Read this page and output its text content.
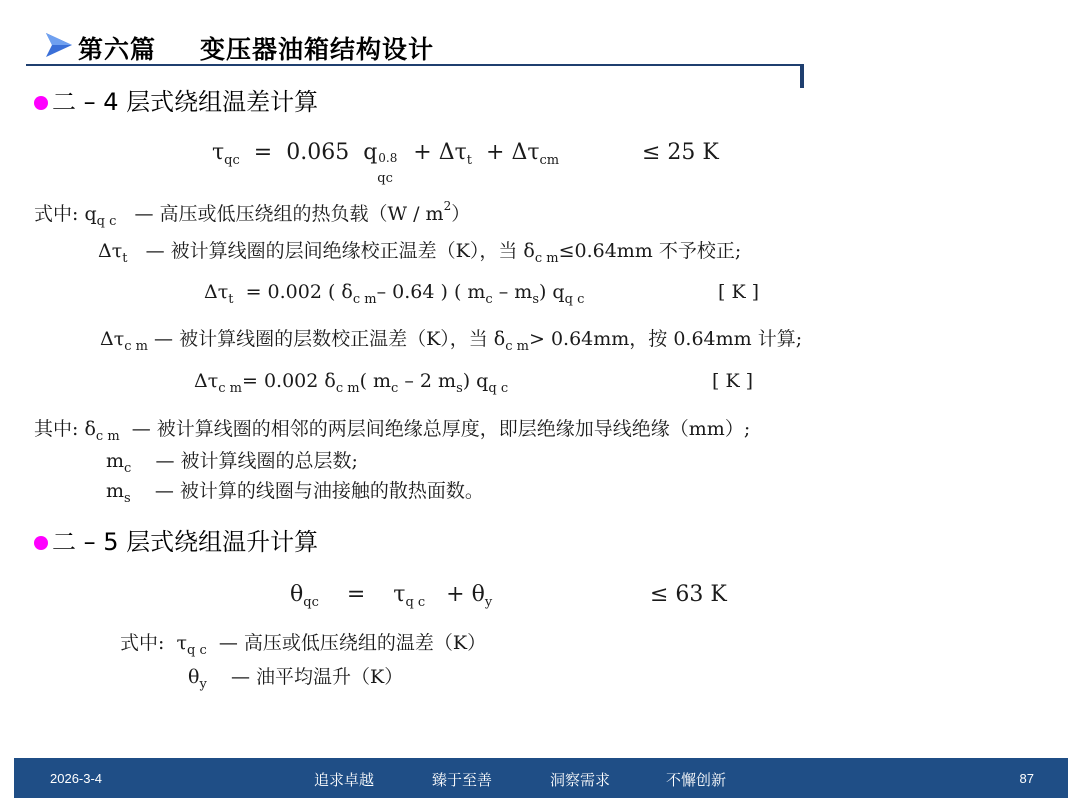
第六篇 变压器油箱结构设计
二 – 4 层式绕组温差计算
$\tau_{qc} = 0.065$ q 0.8
qc
+ $\Delta\tau_t + \Delta\tau_{cm}$	≤ 25 K
式中: $q_{q c}$ — 高压或低压绕组的热负载$(W / m^2)$
$\Delta\tau_t$ — 被计算线圈的层间绝缘校正温差（K），当 $\delta_{c m}\le 0.64mm$ 不予校正;
$\Delta\tau_t = 0.002$ ( $\delta_{c m}-$ 0.64 ) ( $m_c - m_s$) $q_{q c}$	[ K ]
$\Delta\tau_{c m}$ — 被计算线圈的层数校正温差（K），当 $\delta_{c m}> 0.64mm$，按 0.64mm 计算;
$\Delta\tau_{c m}= 0.002$ $\delta_{c m}$( $m_c - 2$ $m_s$) $q_{q c}$	[ K ]
其中: $\delta_{c m}$ — 被计算线圈的相邻的两层间绝缘总厚度，即层绝缘加导线绝缘（mm）;
$m_c$ — 被计算线圈的总层数;
$m_s$ — 被计算的线圈与油接触的散热面数。
二 – 5 层式绕组温升计算
$\theta_{qc} = \tau_{q c} + \theta_y$	≤ 63 K
式中: $\tau_{q c}$ — 高压或低压绕组的温差（K）
$\theta_y$ — 油平均温升（K）
2026-3-4	追求卓越	臻于至善	洞察需求	不懈创新	87
